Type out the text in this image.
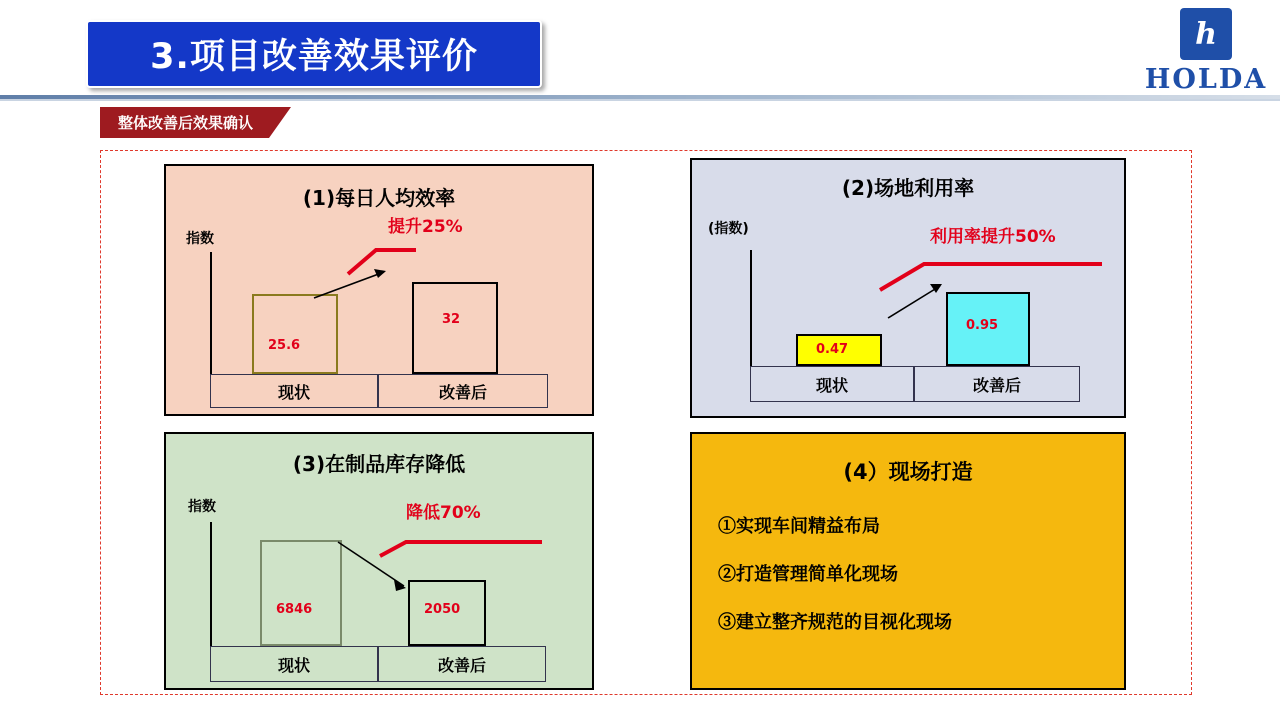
3.项目改善效果评价
h
HOLDA
整体改善后效果确认
(1)每日人均效率
指数
25.6
32
提升25%
现状	改善后
(2)场地利用率
(指数)
0.47
0.95
利用率提升50%
现状	改善后
(3)在制品库存降低
指数
6846	2050
降低70%
现状	改善后
(4）现场打造
①实现车间精益布局
②打造管理简单化现场
③建立整齐规范的目视化现场
